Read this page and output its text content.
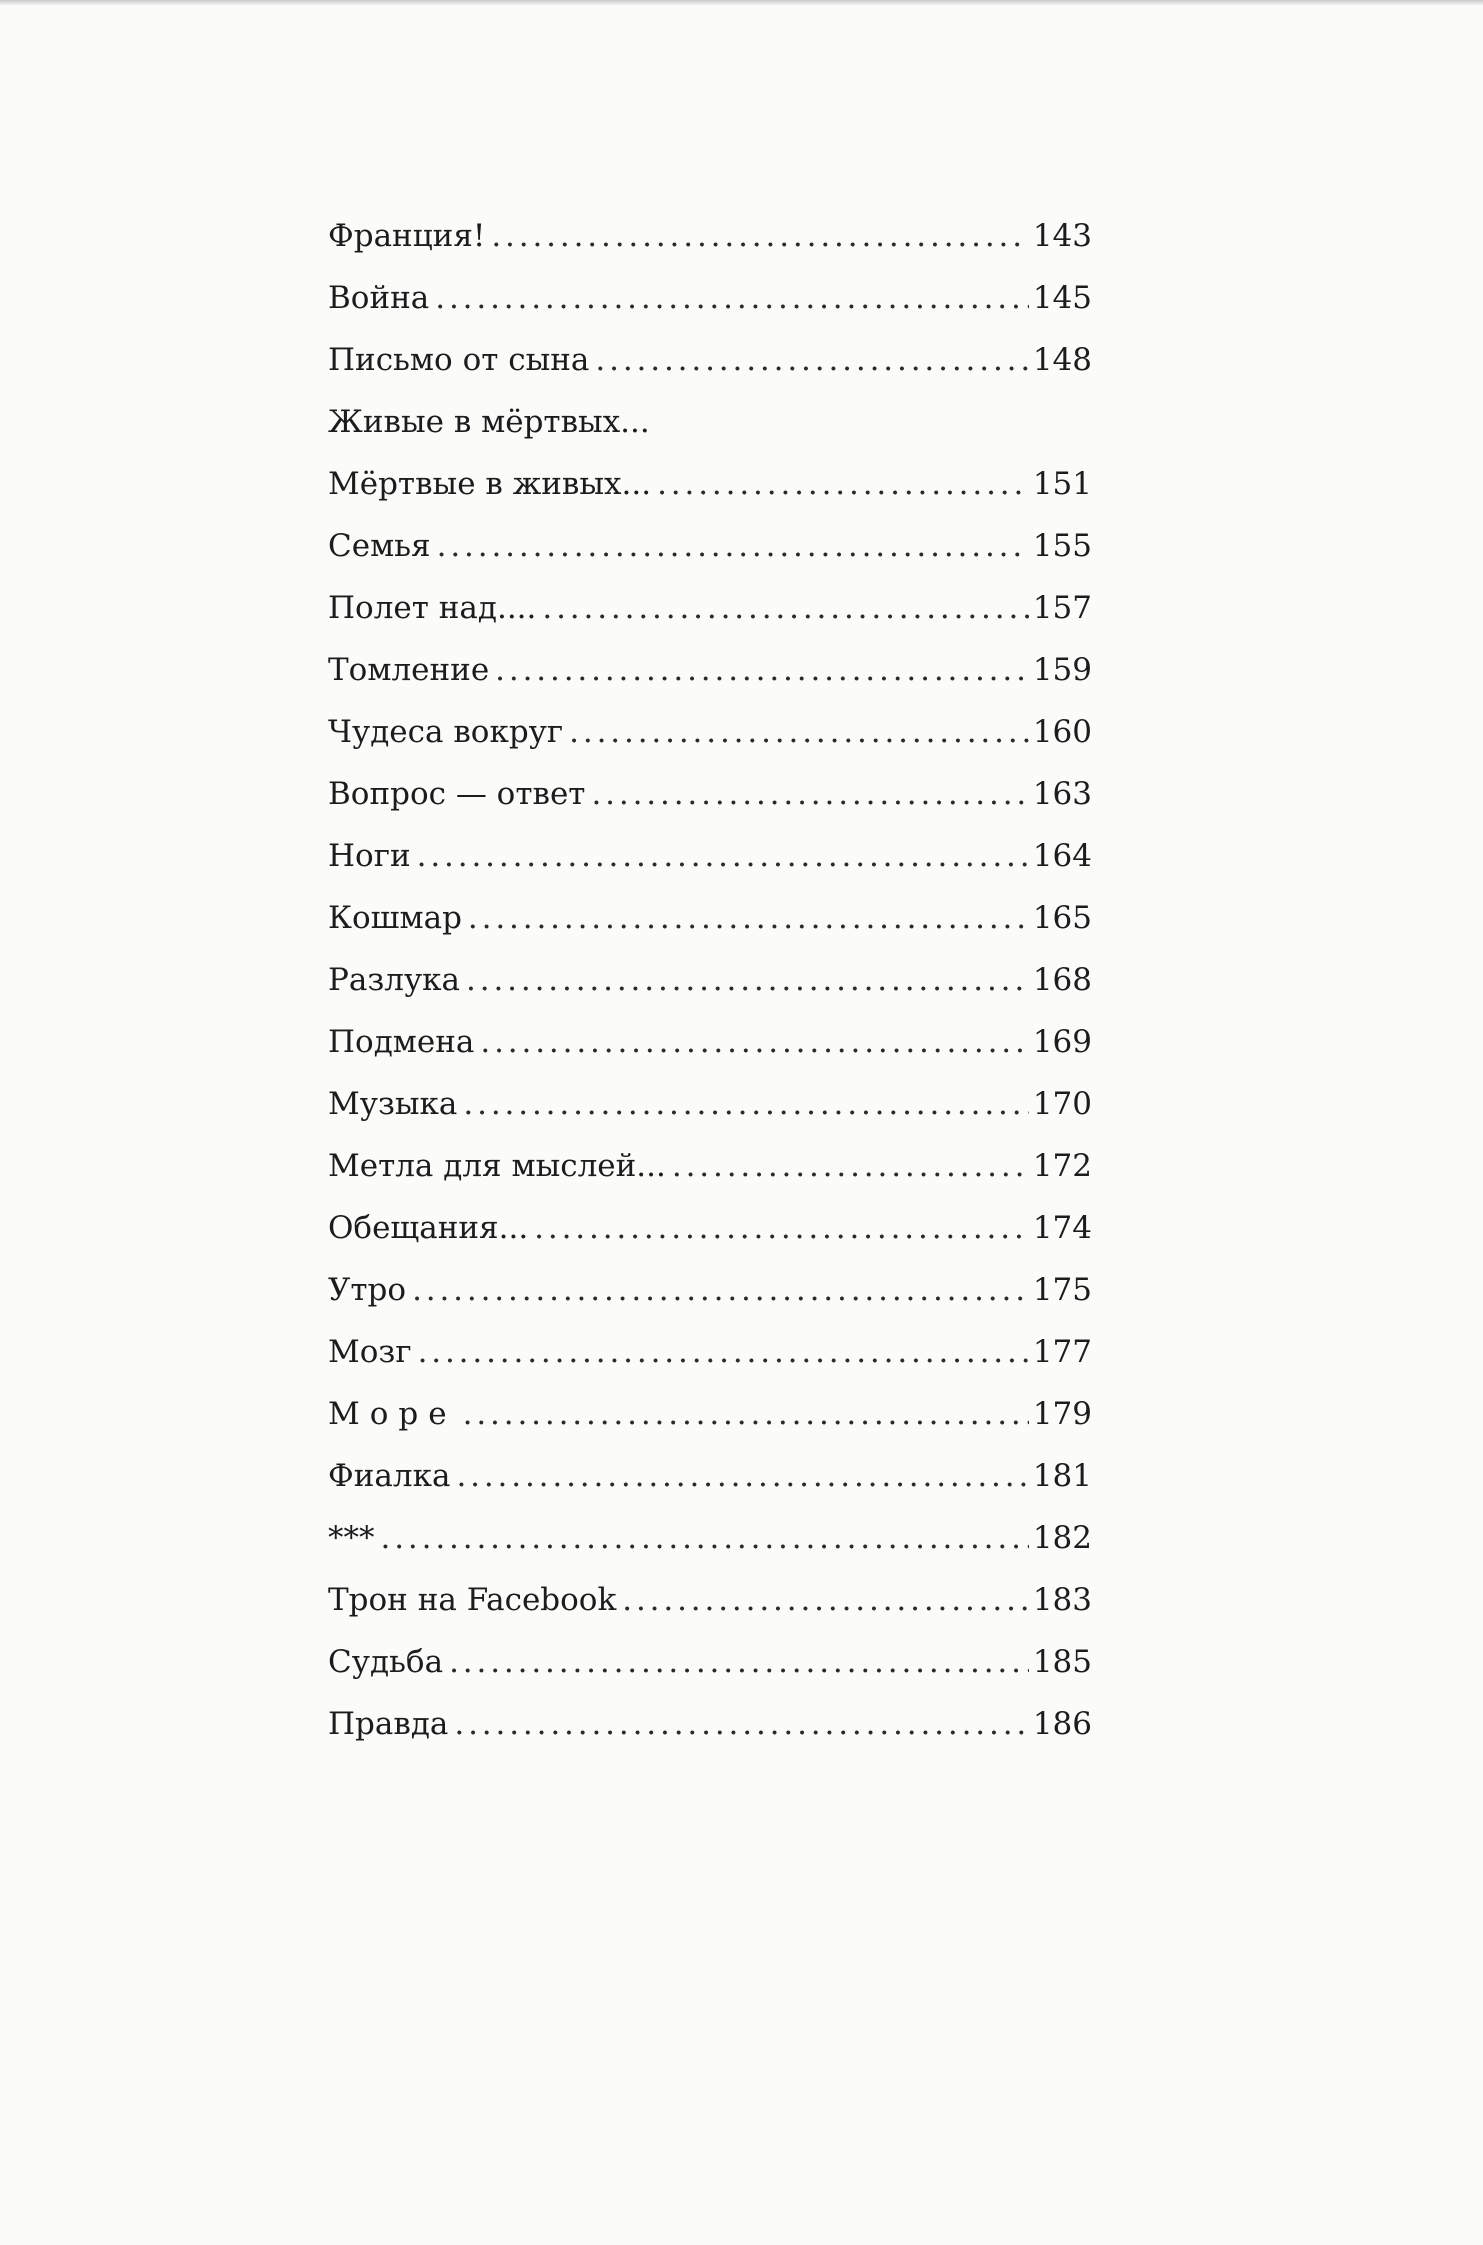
Франция! . . .	143
Война . . .	145
Письмо от сына . . .	148
Живые в мёртвых...
Мёртвые в живых... . . .	151
Семья . . .	155
Полет над.... . . .	157
Томление . . .	159
Чудеса вокруг . . .	160
Вопрос — ответ . . .	163
Ноги . . .	164
Кошмар . . .	165
Разлука . . .	168
Подмена . . .	169
Музыка . . .	170
Метла для мыслей... . . .	172
Обещания... . . .	174
Утро . . .	175
Мозг . . .	177
Море . . .	179
Фиалка . . .	181
*** . . .	182
Трон на Facebook . . .	183
Судьба . . .	185
Правда . . .	186
